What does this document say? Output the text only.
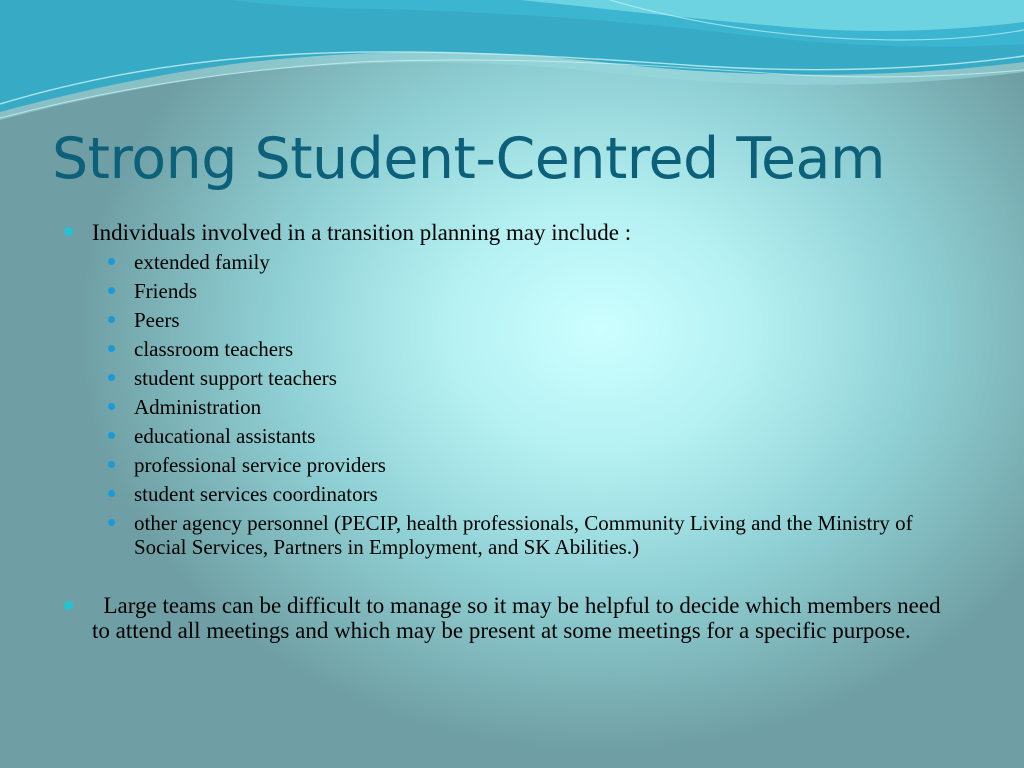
Strong Student-Centred Team
Individuals involved in a transition planning may include :
extended family
Friends
Peers
classroom teachers
student support teachers
Administration
educational assistants
professional service providers
student services coordinators
other agency personnel (PECIP, health professionals, Community Living and the Ministry of Social Services, Partners in Employment, and SK Abilities.)
Large teams can be difficult to manage so it may be helpful to decide which members need to attend all meetings and which may be present at some meetings for a specific purpose.
